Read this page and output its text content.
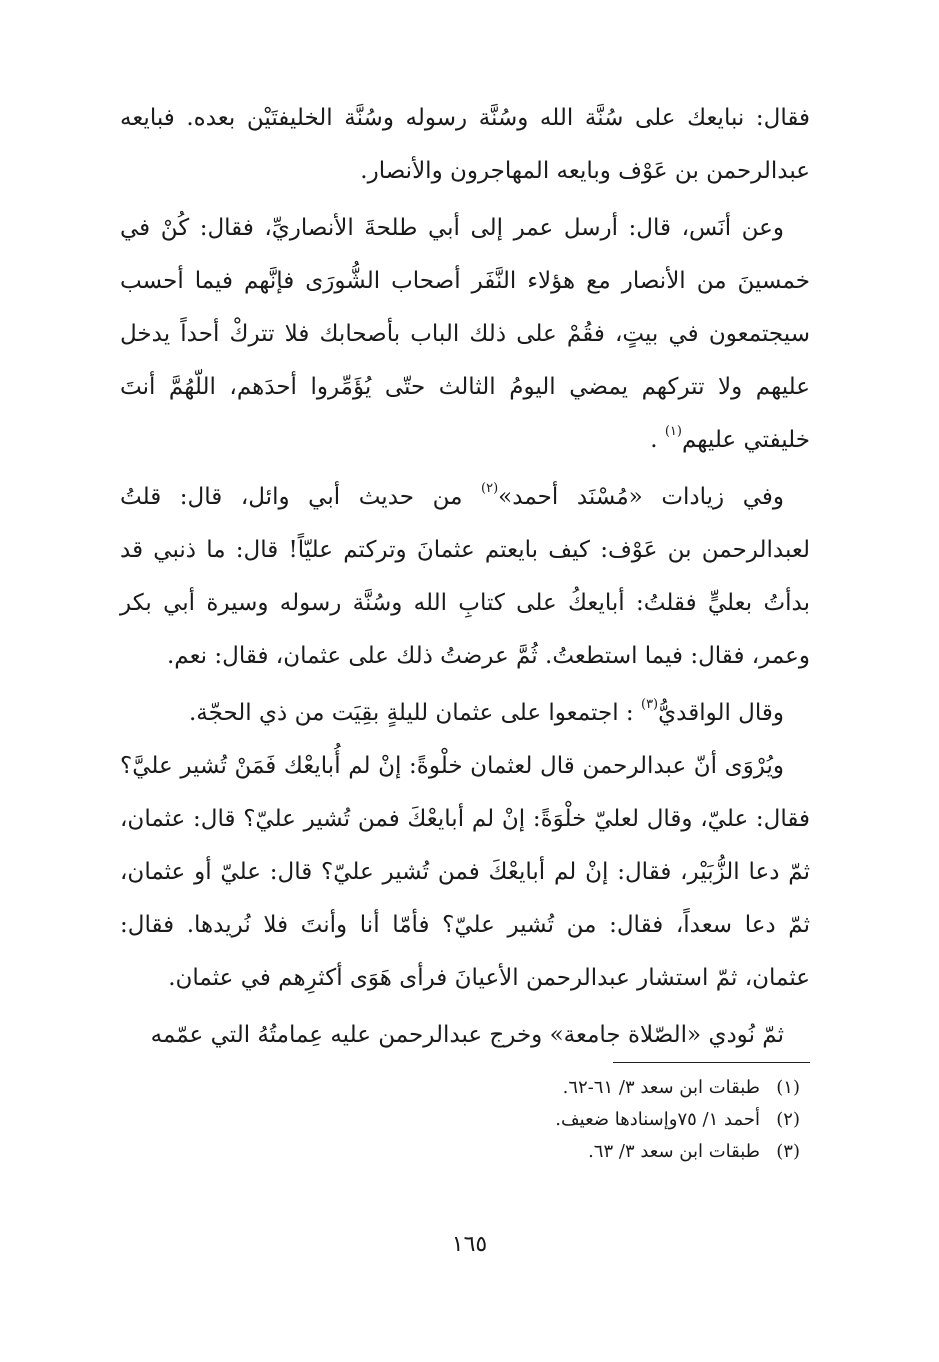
فقال: نبايعك على سُنَّة الله وسُنَّة رسوله وسُنَّة الخليفتَيْن بعده. فبايعه عبدالرحمن بن عَوْف وبايعه المهاجرون والأنصار.

وعن أنَس، قال: أرسل عمر إلى أبي طلحةَ الأنصاريِّ، فقال: كُنْ في خمسينَ من الأنصار مع هؤلاء النَّفَر أصحاب الشُّورَى فإنَّهم فيما أحسب سيجتمعون في بيتٍ، فقُمْ على ذلك الباب بأصحابك فلا تتركْ أحداً يدخل عليهم ولا تتركهم يمضي اليومُ الثالث حتّى يُؤَمِّروا أحدَهم، اللّهُمَّ أنتَ خليفتي عليهم$^{(١)}$ .

وفي زيادات «مُسْنَد أحمد»$^{(٢)}$ من حديث أبي وائل، قال: قلتُ لعبدالرحمن بن عَوْف: كيف بايعتم عثمانَ وتركتم عليّاً! قال: ما ذنبي قد بدأتُ بعليٍّ فقلتُ: أبايعكُ على كتابِ الله وسُنَّة رسوله وسيرة أبي بكر وعمر، فقال: فيما استطعتُ. ثُمَّ عرضتُ ذلك على عثمان، فقال: نعم.

وقال الواقديُّ$^{(٣)}$ : اجتمعوا على عثمان لليلةٍ بقِيَت من ذي الحجّة.

ويُرْوَى أنّ عبدالرحمن قال لعثمان خلْوةً: إنْ لم أُبايعْك فَمَنْ تُشير عليَّ؟ فقال: عليّ، وقال لعليّ خلْوَةً: إنْ لم أبايعْكَ فمن تُشير عليّ؟ قال: عثمان، ثمّ دعا الزُّبَيْر، فقال: إنْ لم أبايعْكَ فمن تُشير عليّ؟ قال: عليّ أو عثمان، ثمّ دعا سعداً، فقال: من تُشير عليّ؟ فأمّا أنا وأنتَ فلا نُريدها. فقال: عثمان، ثمّ استشار عبدالرحمن الأعيانَ فرأى هَوَى أكثرِهم في عثمان.

ثمّ نُودي «الصّلاة جامعة» وخرج عبدالرحمن عليه عِمامتُهُ التي عمّمه

(١)
طبقات ابن سعد ٣/ ٦١-٦٢.
(٢)
أحمد ١/ ٧٥وإسنادها ضعيف.
(٣)
طبقات ابن سعد ٣/ ٦٣.
١٦٥
